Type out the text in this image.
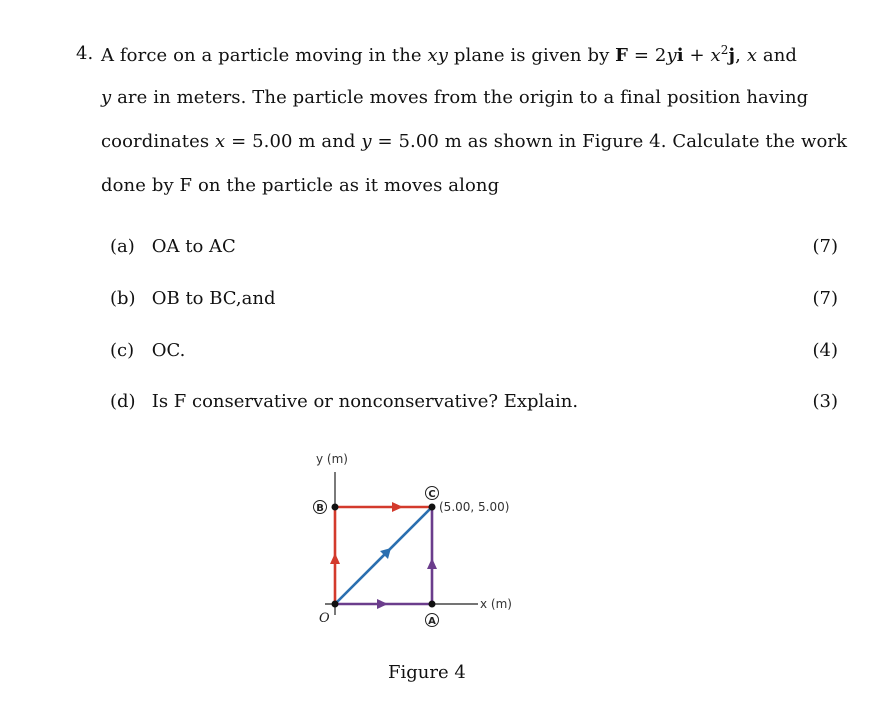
4. A force on a particle moving in the xy plane is given by $F = 2yi + x^2j$, x and
y are in meters. The particle moves from the origin to a final position having
coordinates x = 5.00 m and y = 5.00 m as shown in Figure 4. Calculate the work
done by F on the particle as it moves along
(a) OA to AC	(7)
(b) OB to BC,and	(7)
(c) OC.	(4)
(d) Is F conservative or nonconservative? Explain.	(3)
B
C
A
y (m)
x (m)
O
(5.00, 5.00)
Figure 4
